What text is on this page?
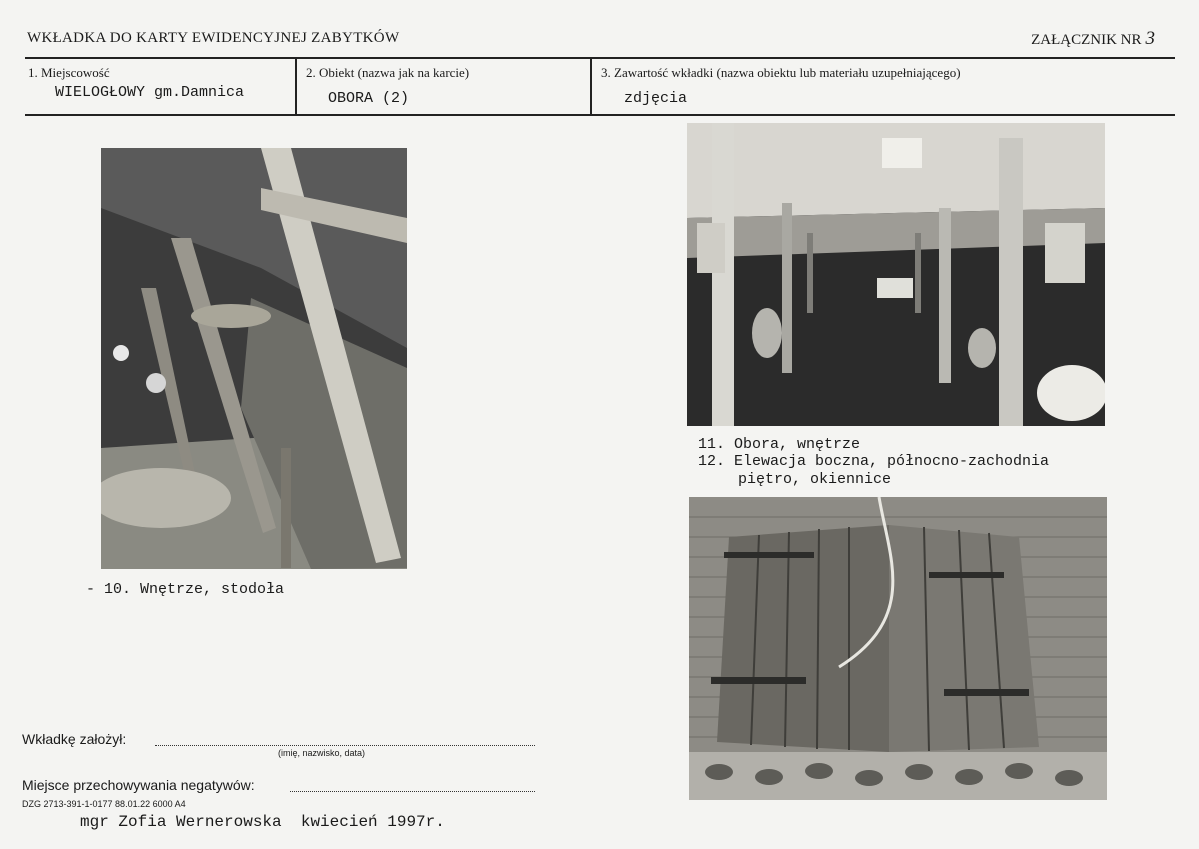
WKŁADKA DO KARTY EWIDENCYJNEJ ZABYTKÓW	ZAŁĄCZNIK NR 3
1. Miejscowość
WIELOGŁOWY gm.Damnica
2. Obiekt (nazwa jak na karcie)
OBORA (2)
3. Zawartość wkładki (nazwa obiektu lub materiału uzupełniającego)
zdjęcia
- 10. Wnętrze, stodoła
11. Obora, wnętrze
12. Elewacja boczna, północno-zachodnia
piętro, okiennice
Wkładkę założył:
(imię, nazwisko, data)
Miejsce przechowywania negatywów:
DZG 2713-391-1-0177 88.01.22 6000 A4
mgr Zofia Wernerowska  kwiecień 1997r.
